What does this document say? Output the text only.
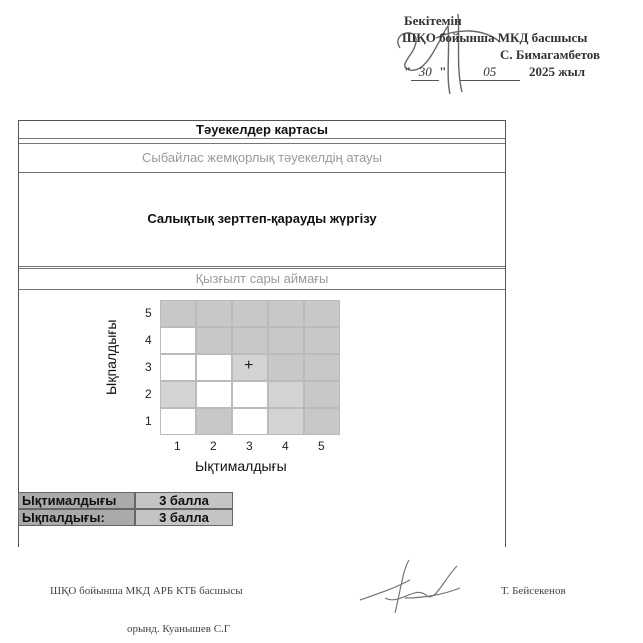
Бекітемін
ШҚО бойынша МКД басшысы
С. Бимагамбетов
" 30 "	05	2025 жыл
Тәуекелдер картасы
Сыбайлас жемқорлық тәуекелдің атауы
Салықтық зерттеп-қарауды жүргізу
Қызғылт сары аймағы
1
2
3
4
5
1 2 3 4 5
+
Ықпалдығы
Ықтималдығы
Ықтималдығы	3 балла
Ықпалдығы:	3 балла
ШҚО бойынша МКД АРБ КТБ басшысы	Т. Бейсекенов
орынд. Куанышев С.Г
